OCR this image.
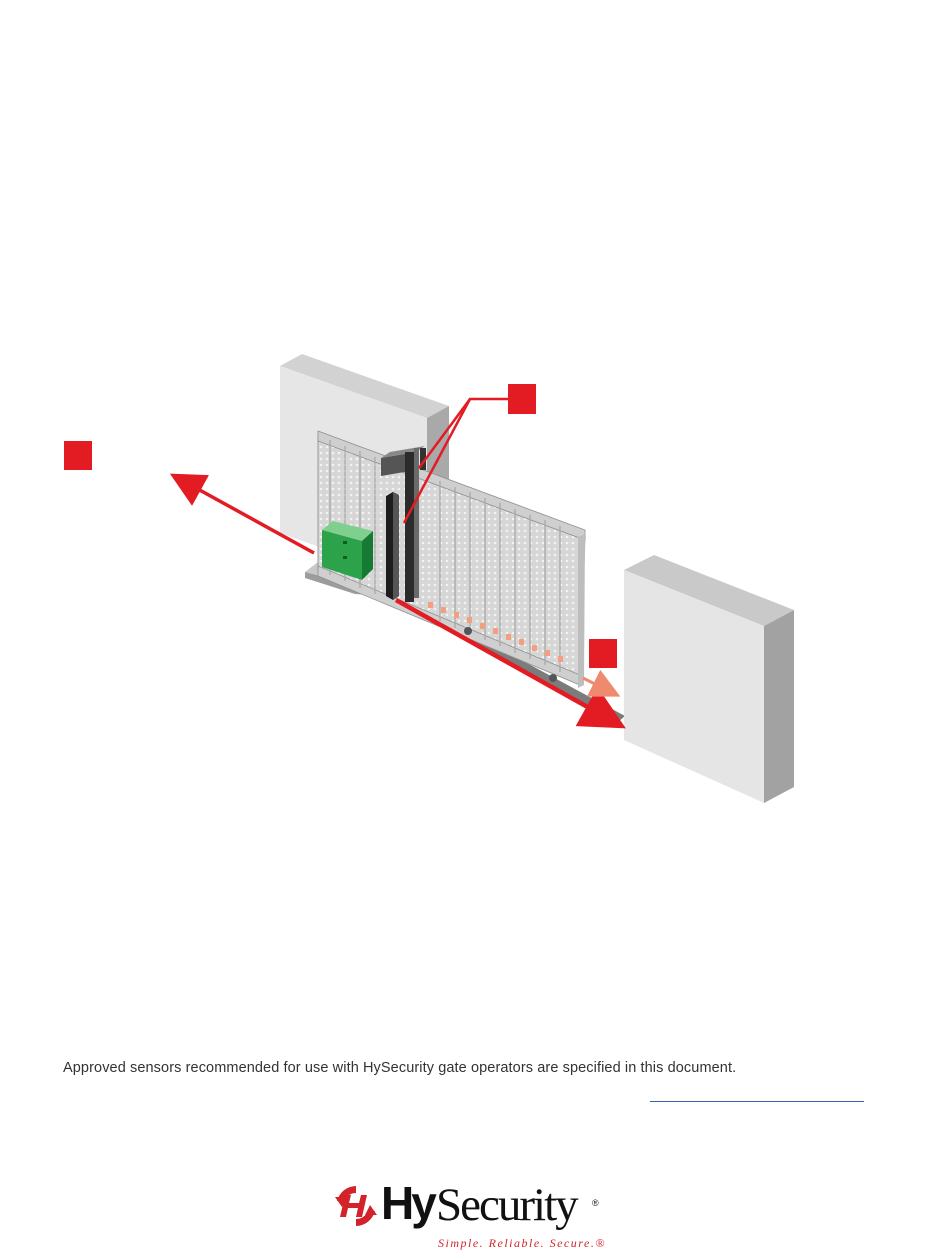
Approved sensors recommended for use with HySecurity gate operators are specified in this document.
Hy Security ®
Simple. Reliable. Secure.®
